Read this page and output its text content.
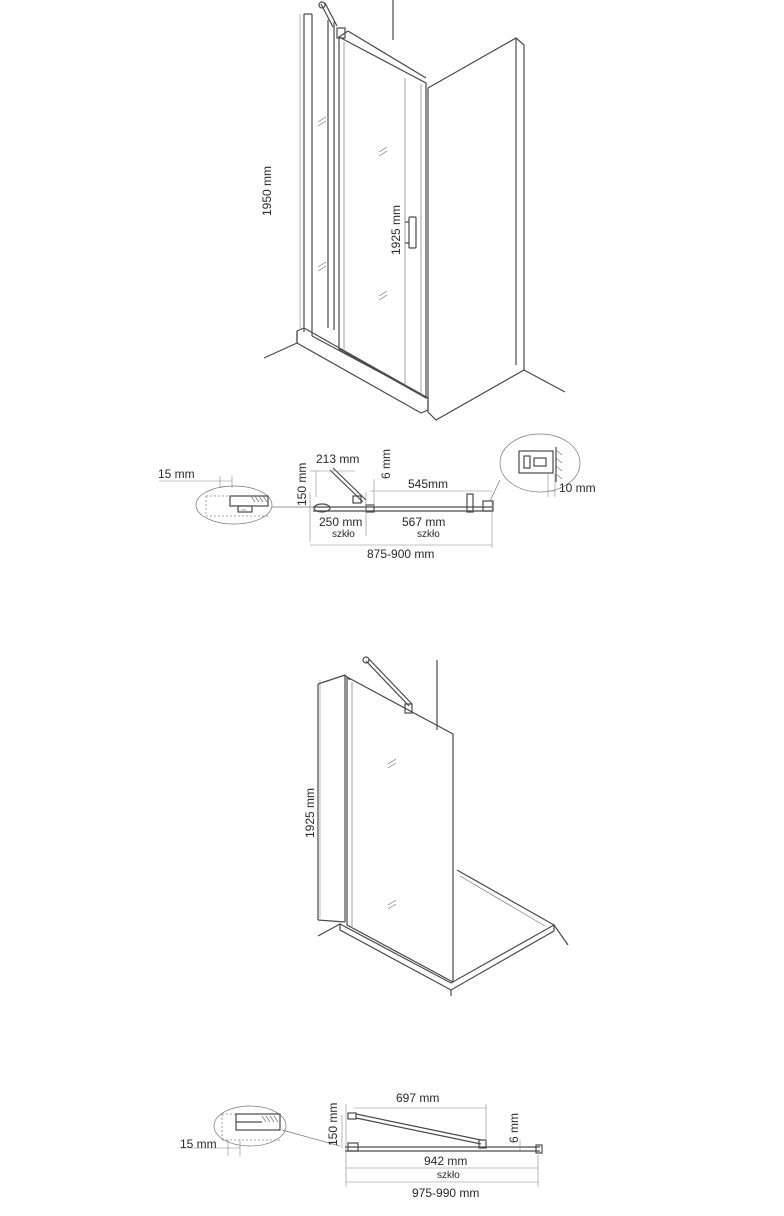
1950 mm
1925 mm
15 mm	150 mm
213 mm 6 mm
545mm
250 mm
szkło
567 mm
szkło
875-900 mm
10 mm
1925 mm
697 mm
150 mm	6 mm
15 mm
942 mm
szkło
975-990 mm
